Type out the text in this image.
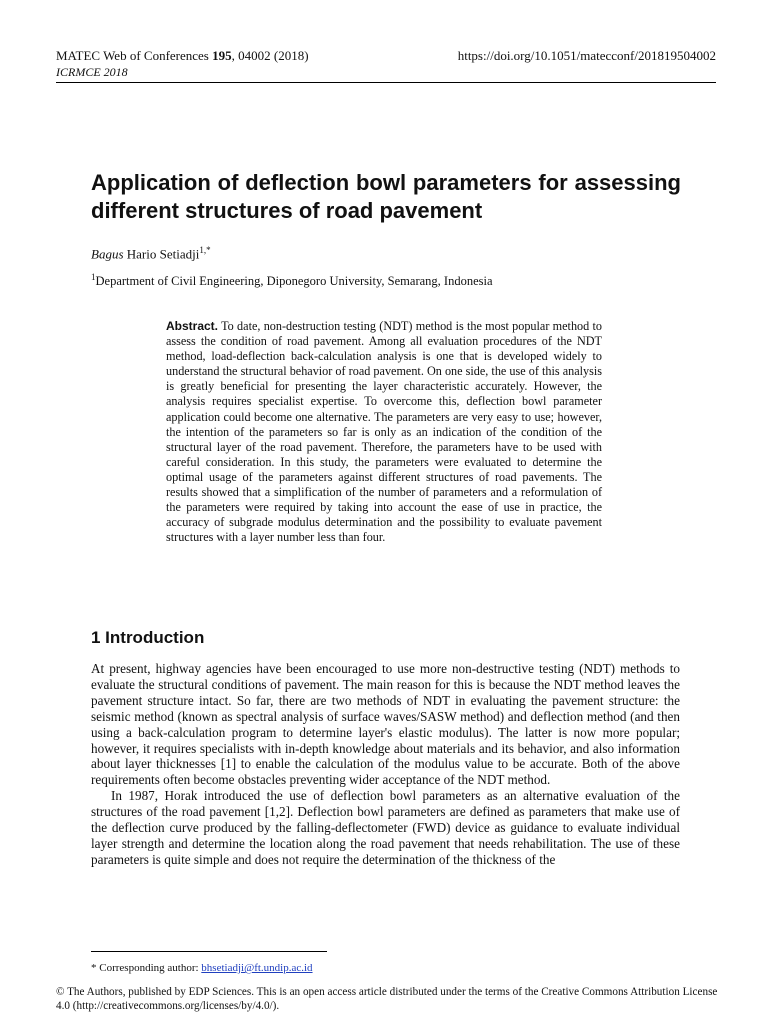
MATEC Web of Conferences 195, 04002 (2018)	https://doi.org/10.1051/matecconf/201819504002
ICRMCE 2018
Application of deflection bowl parameters for assessing different structures of road pavement
Bagus Hario Setiadji$^{1,*}$
$^1$Department of Civil Engineering, Diponegoro University, Semarang, Indonesia
Abstract. To date, non-destruction testing (NDT) method is the most popular method to assess the condition of road pavement. Among all evaluation procedures of the NDT method, load-deflection back-calculation analysis is one that is developed widely to understand the structural behavior of road pavement. On one side, the use of this analysis is greatly beneficial for presenting the layer characteristic accurately. However, the analysis requires specialist expertise. To overcome this, deflection bowl parameter application could become one alternative. The parameters are very easy to use; however, the intention of the parameters so far is only as an indication of the condition of the structural layer of the road pavement. Therefore, the parameters have to be used with careful consideration. In this study, the parameters were evaluated to determine the optimal usage of the parameters against different structures of road pavements. The results showed that a simplification of the number of parameters and a reformulation of the parameters were required by taking into account the ease of use in practice, the accuracy of subgrade modulus determination and the possibility to evaluate pavement structures with a layer number less than four.
1 Introduction

At present, highway agencies have been encouraged to use more non-destructive testing (NDT) methods to evaluate the structural conditions of pavement. The main reason for this is because the NDT method leaves the pavement structure intact. So far, there are two methods of NDT in evaluating the pavement structure: the seismic method (known as spectral analysis of surface waves/SASW method) and deflection method (and then using a back-calculation program to determine layer's elastic modulus). The latter is now more popular; however, it requires specialists with in-depth knowledge about materials and its behavior, and also information about layer thicknesses [1] to enable the calculation of the modulus value to be accurate. Both of the above requirements often become obstacles preventing wider acceptance of the NDT method.

In 1987, Horak introduced the use of deflection bowl parameters as an alternative evaluation of the structures of the road pavement [1,2]. Deflection bowl parameters are defined as parameters that make use of the deflection curve produced by the falling-deflectometer (FWD) device as guidance to evaluate individual layer strength and determine the location along the road pavement that needs rehabilitation. The use of these parameters is quite simple and does not require the determination of the thickness of the

* Corresponding author: bhsetiadji@ft.undip.ac.id
© The Authors, published by EDP Sciences. This is an open access article distributed under the terms of the Creative Commons Attribution License 4.0 (http://creativecommons.org/licenses/by/4.0/).
